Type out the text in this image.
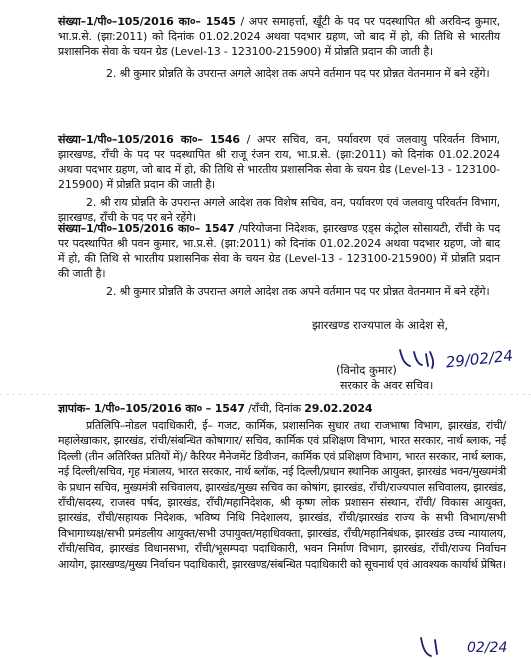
संख्या–1/पी०–105/2016 का०– 1545 / अपर समाहर्त्ता, खूँटी के पद पर पदस्थापित श्री अरविन्द कुमार, भा.प्र.से. (झा:2011) को दिनांक 01.02.2024 अथवा पदभार ग्रहण, जो बाद में हो, की तिथि से भारतीय प्रशासनिक सेवा के चयन ग्रेड (Level-13 - 123100-215900) में प्रोन्नति प्रदान की जाती है।

2. श्री कुमार प्रोन्नति के उपरान्त अगले आदेश तक अपने वर्तमान पद पर प्रोन्नत वेतनमान में बने रहेंगे।

संख्या–1/पी०–105/2016 का०– 1546 / अपर सचिव, वन, पर्यावरण एवं जलवायु परिवर्तन विभाग, झारखण्ड, राँची के पद पर पदस्थापित श्री राजू रंजन राय, भा.प्र.से. (झा:2011) को दिनांक 01.02.2024 अथवा पदभार ग्रहण, जो बाद में हो, की तिथि से भारतीय प्रशासनिक सेवा के चयन ग्रेड (Level-13 - 123100-215900) में प्रोन्नति प्रदान की जाती है।

2. श्री राय प्रोन्नति के उपरान्त अगले आदेश तक विशेष सचिव, वन, पर्यावरण एवं जलवायु परिवर्तन विभाग, झारखण्ड, राँची के पद पर बने रहेंगे।

संख्या–1/पी०–105/2016 का०– 1547 /परियोजना निदेशक, झारखण्ड एड्स कंट्रोल सोसायटी, राँची के पद पर पदस्थापित श्री पवन कुमार, भा.प्र.से. (झा:2011) को दिनांक 01.02.2024 अथवा पदभार ग्रहण, जो बाद में हो, की तिथि से भारतीय प्रशासनिक सेवा के चयन ग्रेड (Level-13 - 123100-215900) में प्रोन्नति प्रदान की जाती है।

2. श्री कुमार प्रोन्नति के उपरान्त अगले आदेश तक अपने वर्तमान पद पर प्रोन्नत वेतनमान में बने रहेंगे।

झारखण्ड राज्यपाल के आदेश से,
29/02/24
(विनोद कुमार)
सरकार के अवर सचिव।
ज्ञापांक– 1/पी०–105/2016 का० – 1547 /राँची, दिनांक 29.02.2024

प्रतिलिपि–नोडल पदाधिकारी, ई– गजट, कार्मिक, प्रशासनिक सुधार तथा राजभाषा विभाग, झारखंड, रांची/महालेखाकार, झारखंड, रांची/संबन्धित कोषागार/ सचिव, कार्मिक एवं प्रशिक्षण विभाग, भारत सरकार, नार्थ ब्लाक, नई दिल्ली (तीन अतिरिक्त प्रतियों में)/ कैरियर मैनेजमेंट डिवीजन, कार्मिक एवं प्रशिक्षण विभाग, भारत सरकार, नार्थ ब्लाक, नई दिल्ली/सचिव, गृह मंत्रालय, भारत सरकार, नार्थ ब्लॉक, नई दिल्ली/प्रधान स्थानिक आयुक्त, झारखंड भवन/मुख्यमंत्री के प्रधान सचिव, मुख्यमंत्री सचिवालय, झारखंड/मुख्य सचिव का कोषांग, झारखंड, राँची/राज्यपाल सचिवालय, झारखंड, राँची/सदस्य, राजस्व पर्षद, झारखंड, राँची/महानिदेशक, श्री कृष्ण लोक प्रशासन संस्थान, राँची/ विकास आयुक्त, झारखंड, राँची/सहायक निदेशक, भविष्य निधि निदेशालय, झारखंड, राँची/झारखंड राज्य के सभी विभाग/सभी विभागाध्यक्ष/सभी प्रमंडलीय आयुक्त/सभी उपायुक्त/महाधिवक्ता, झारखंड, राँची/महानिबंधक, झारखंड उच्च न्यायालय, राँची/सचिव, झारखंड विधानसभा, राँची/भूसम्पदा पदाधिकारी, भवन निर्माण विभाग, झारखंड, राँची/राज्य निर्वाचन आयोग, झारखण्ड/मुख्य निर्वाचन पदाधिकारी, झारखण्ड/संबन्धित पदाधिकारी को सूचनार्थ एवं आवश्यक कार्यार्थ प्रेषित।

02/24
